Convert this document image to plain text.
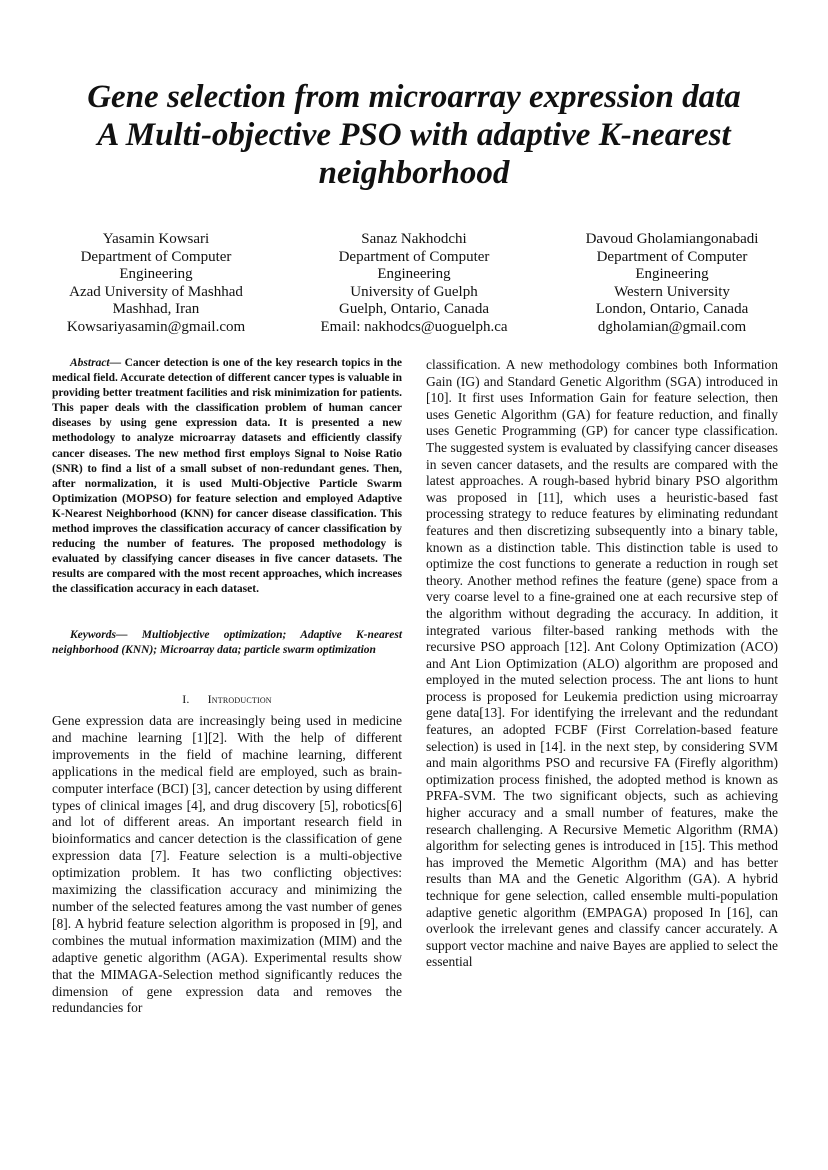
Gene selection from microarray expression data
A Multi-objective PSO with adaptive K-nearest
neighborhood
Yasamin Kowsari
Department of Computer
Engineering
Azad University of Mashhad
Mashhad, Iran
Kowsariyasamin@gmail.com
Sanaz Nakhodchi
Department of Computer
Engineering
University of Guelph
Guelph, Ontario, Canada
Email: nakhodcs@uoguelph.ca
Davoud Gholamiangonabadi
Department of Computer
Engineering
Western University
London, Ontario, Canada
dgholamian@gmail.com
Abstract— Cancer detection is one of the key research topics in the medical field. Accurate detection of different cancer types is valuable in providing better treatment facilities and risk minimization for patients. This paper deals with the classification problem of human cancer diseases by using gene expression data. It is presented a new methodology to analyze microarray datasets and efficiently classify cancer diseases. The new method first employs Signal to Noise Ratio (SNR) to find a list of a small subset of non-redundant genes. Then, after normalization, it is used Multi-Objective Particle Swarm Optimization (MOPSO) for feature selection and employed Adaptive K-Nearest Neighborhood (KNN) for cancer disease classification. This method improves the classification accuracy of cancer classification by reducing the number of features. The proposed methodology is evaluated by classifying cancer diseases in five cancer datasets. The results are compared with the most recent approaches, which increases the classification accuracy in each dataset.
Keywords— Multiobjective optimization; Adaptive K-nearest neighborhood (KNN); Microarray data; particle swarm optimization
I. Introduction
Gene expression data are increasingly being used in medicine and machine learning [1][2]. With the help of different improvements in the field of machine learning, different applications in the medical field are employed, such as brain-computer interface (BCI) [3], cancer detection by using different types of clinical images [4], and drug discovery [5], robotics[6] and lot of different areas. An important research field in bioinformatics and cancer detection is the classification of gene expression data [7]. Feature selection is a multi-objective optimization problem. It has two conflicting objectives: maximizing the classification accuracy and minimizing the number of the selected features among the vast number of genes [8]. A hybrid feature selection algorithm is proposed in [9], and combines the mutual information maximization (MIM) and the adaptive genetic algorithm (AGA). Experimental results show that the MIMAGA-Selection method significantly reduces the dimension of gene expression data and removes the redundancies for
classification. A new methodology combines both Information Gain (IG) and Standard Genetic Algorithm (SGA) introduced in [10]. It first uses Information Gain for feature selection, then uses Genetic Algorithm (GA) for feature reduction, and finally uses Genetic Programming (GP) for cancer type classification. The suggested system is evaluated by classifying cancer diseases in seven cancer datasets, and the results are compared with the latest approaches. A rough-based hybrid binary PSO algorithm was proposed in [11], which uses a heuristic-based fast processing strategy to reduce features by eliminating redundant features and then discretizing subsequently into a binary table, known as a distinction table. This distinction table is used to optimize the cost functions to generate a reduction in rough set theory. Another method refines the feature (gene) space from a very coarse level to a fine-grained one at each recursive step of the algorithm without degrading the accuracy. In addition, it integrated various filter-based ranking methods with the recursive PSO approach [12]. Ant Colony Optimization (ACO) and Ant Lion Optimization (ALO) algorithm are proposed and employed in the muted selection process. The ant lions to hunt process is proposed for Leukemia prediction using microarray gene data[13]. For identifying the irrelevant and the redundant features, an adopted FCBF (First Correlation-based feature selection) is used in [14]. in the next step, by considering SVM and main algorithms PSO and recursive FA (Firefly algorithm) optimization process finished, the adopted method is known as PRFA-SVM. The two significant objects, such as achieving higher accuracy and a small number of features, make the research challenging. A Recursive Memetic Algorithm (RMA) algorithm for selecting genes is introduced in [15]. This method has improved the Memetic Algorithm (MA) and has better results than MA and the Genetic Algorithm (GA). A hybrid technique for gene selection, called ensemble multi-population adaptive genetic algorithm (EMPAGA) proposed In [16], can overlook the irrelevant genes and classify cancer accurately. A support vector machine and naive Bayes are applied to select the essential
